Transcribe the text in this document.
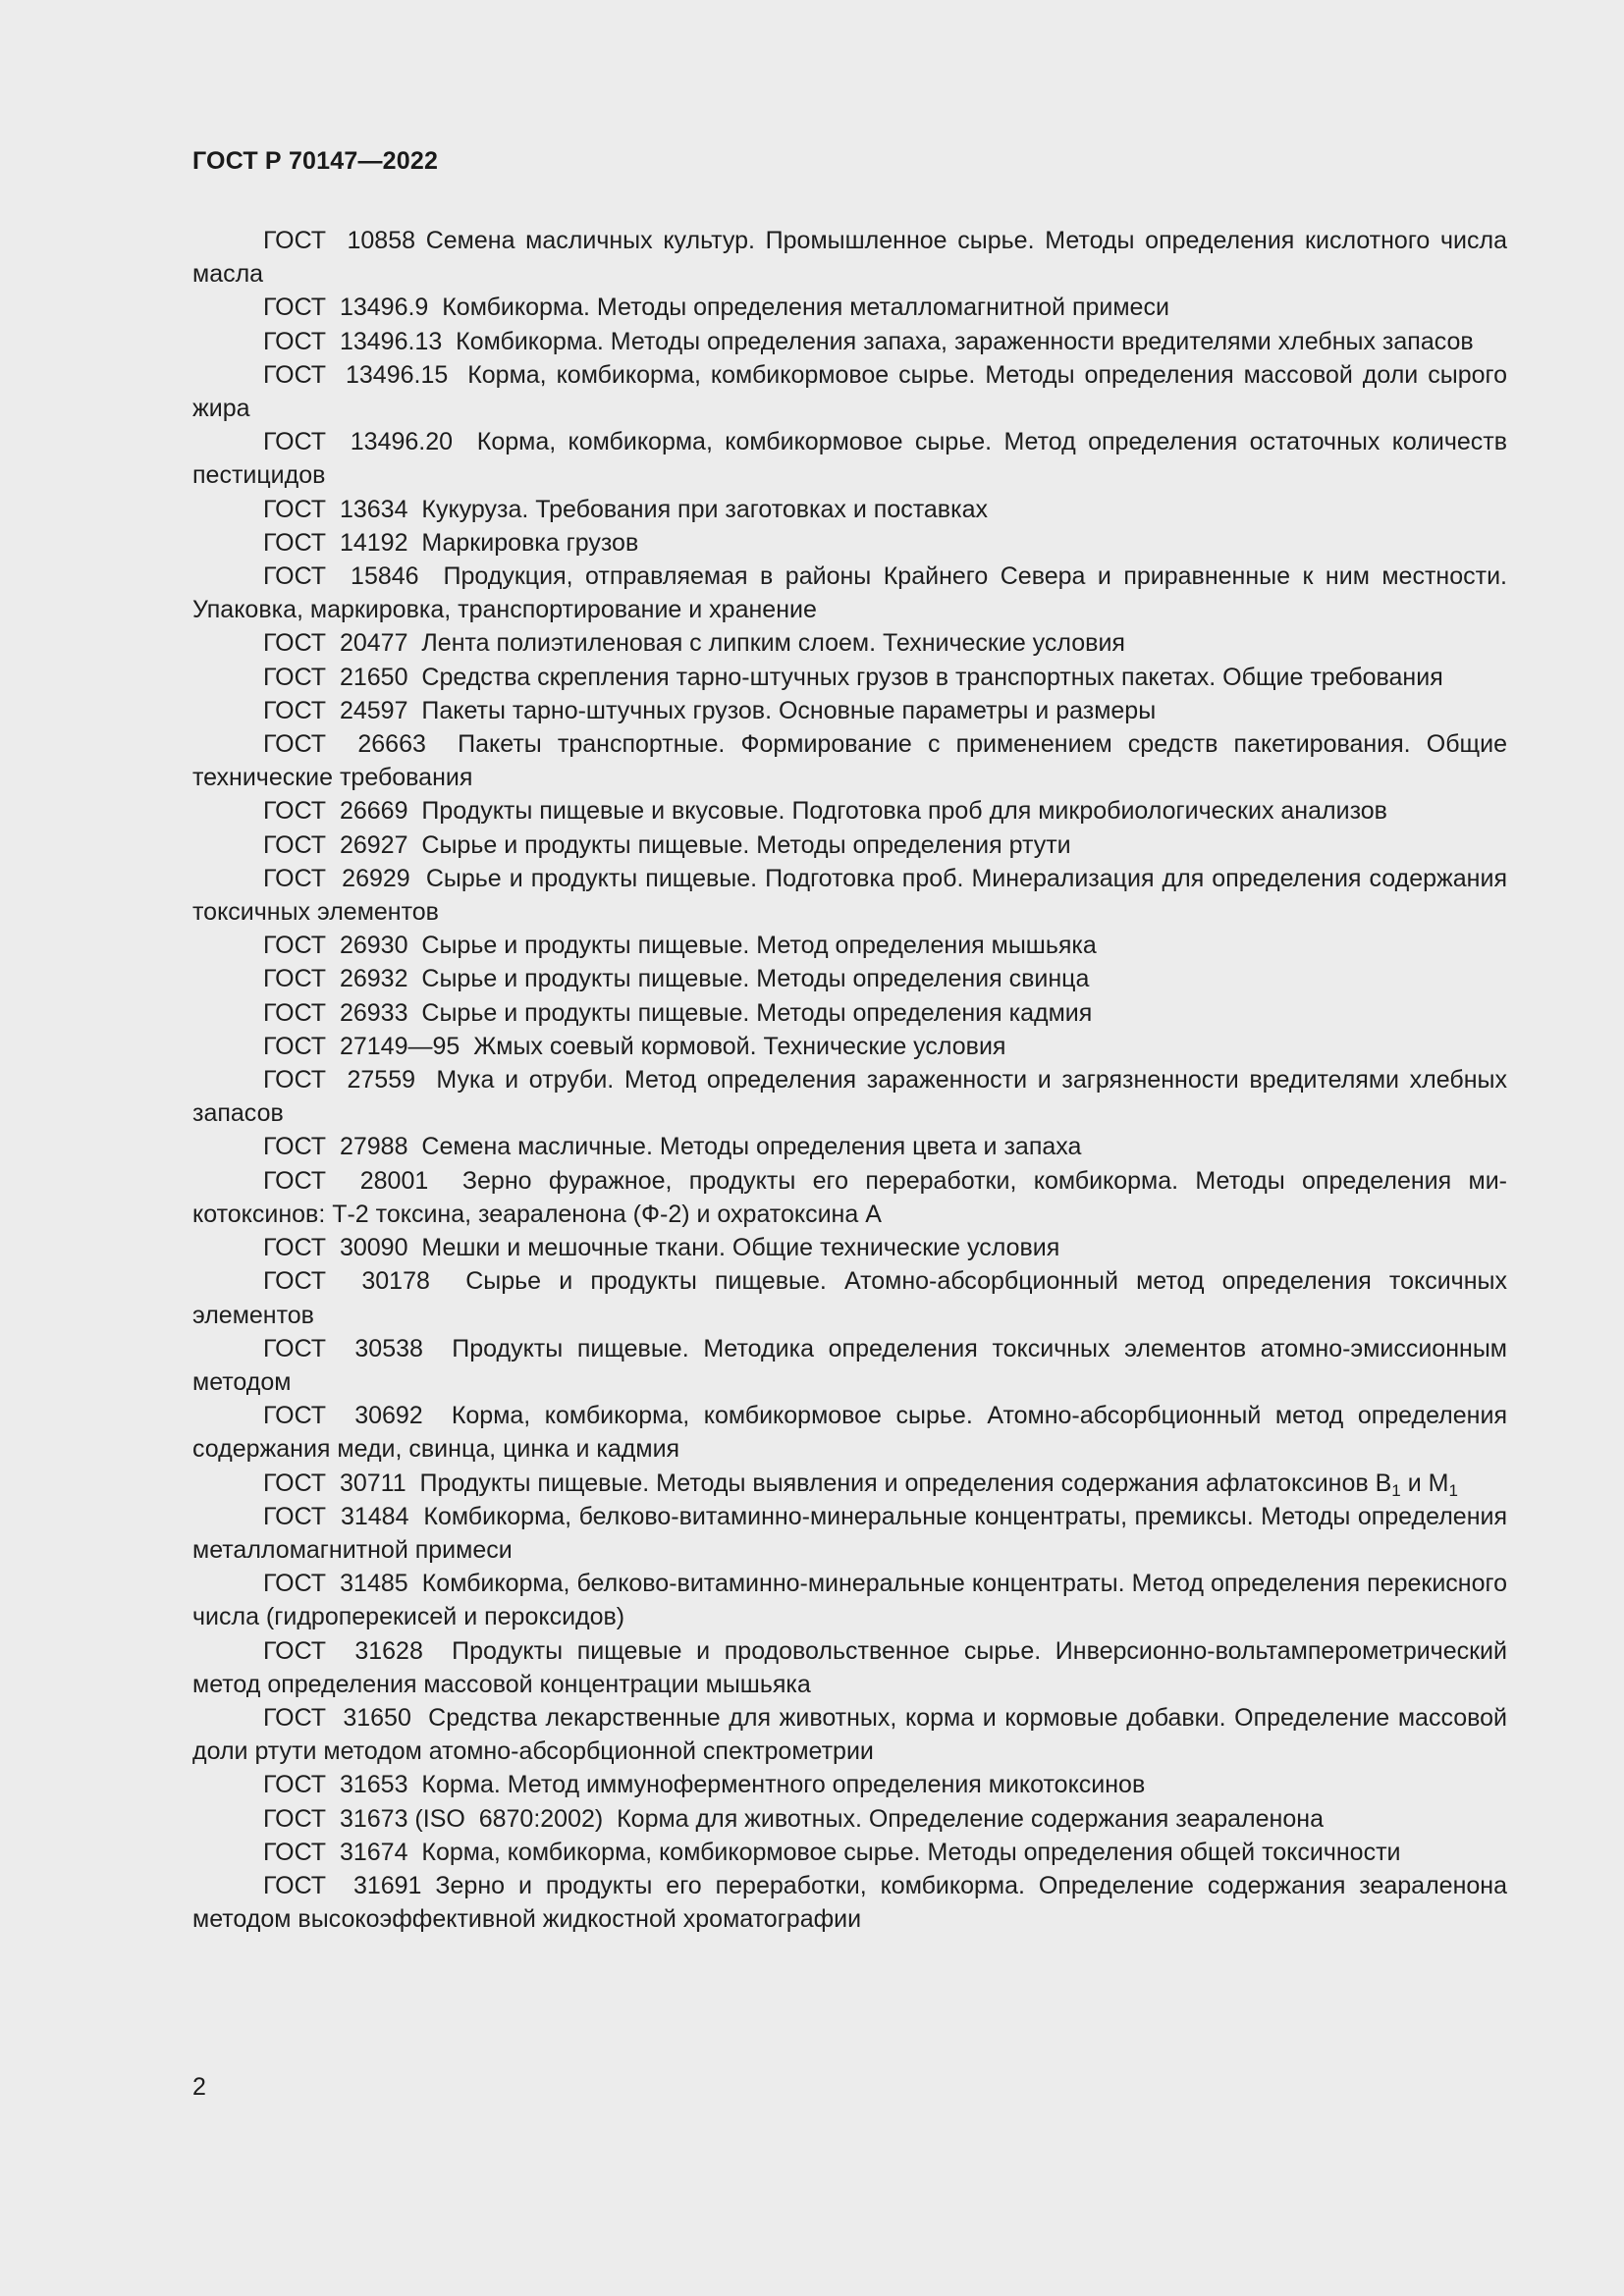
ГОСТ Р 70147—2022

ГОСТ  10858 Семена масличных культур. Промышленное сырье. Методы определения кислотного числа масла

ГОСТ  13496.9  Комбикорма. Методы определения металломагнитной примеси

ГОСТ  13496.13  Комбикорма. Методы определения запаха, зараженности вредителями хлебных запасов

ГОСТ  13496.15  Корма, комбикорма, комбикормовое сырье. Методы определения массовой доли сырого жира

ГОСТ  13496.20  Корма, комбикорма, комбикормовое сырье. Метод определения остаточных количеств пестицидов

ГОСТ  13634  Кукуруза. Требования при заготовках и поставках

ГОСТ  14192  Маркировка грузов

ГОСТ  15846  Продукция, отправляемая в районы Крайнего Севера и приравненные к ним местности. Упаковка, маркировка, транспортирование и хранение

ГОСТ  20477  Лента полиэтиленовая с липким слоем. Технические условия

ГОСТ  21650  Средства скрепления тарно-штучных грузов в транспортных пакетах. Общие требования

ГОСТ  24597  Пакеты тарно-штучных грузов. Основные параметры и размеры

ГОСТ  26663  Пакеты транспортные. Формирование с применением средств пакетирования. Общие технические требования

ГОСТ  26669  Продукты пищевые и вкусовые. Подготовка проб для микробиологических анализов

ГОСТ  26927  Сырье и продукты пищевые. Методы определения ртути

ГОСТ  26929  Сырье и продукты пищевые. Подготовка проб. Минерализация для определения содержания токсичных элементов

ГОСТ  26930  Сырье и продукты пищевые. Метод определения мышьяка

ГОСТ  26932  Сырье и продукты пищевые. Методы определения свинца

ГОСТ  26933  Сырье и продукты пищевые. Методы определения кадмия

ГОСТ  27149—95  Жмых соевый кормовой. Технические условия

ГОСТ  27559  Мука и отруби. Метод определения зараженности и загрязненности вредителями хлебных запасов

ГОСТ  27988  Семена масличные. Методы определения цвета и запаха

ГОСТ  28001  Зерно фуражное, продукты его переработки, комбикорма. Методы определения микотоксинов: Т-2 токсина, зеараленона (Ф-2) и охратоксина А

ГОСТ  30090  Мешки и мешочные ткани. Общие технические условия

ГОСТ  30178  Сырье и продукты пищевые. Атомно-абсорбционный метод определения токсичных элементов

ГОСТ  30538  Продукты пищевые. Методика определения токсичных элементов атомно-эмиссионным методом

ГОСТ  30692  Корма, комбикорма, комбикормовое сырье. Атомно-абсорбционный метод определения содержания меди, свинца, цинка и кадмия

ГОСТ  30711  Продукты пищевые. Методы выявления и определения содержания афлатоксинов $В_1$ и $М_1$

ГОСТ  31484  Комбикорма, белково-витаминно-минеральные концентраты, премиксы. Методы определения металломагнитной примеси

ГОСТ  31485  Комбикорма, белково-витаминно-минеральные концентраты. Метод определения перекисного числа (гидроперекисей и пероксидов)

ГОСТ  31628  Продукты пищевые и продовольственное сырье. Инверсионно-вольтамперометрический метод определения массовой концентрации мышьяка

ГОСТ  31650  Средства лекарственные для животных, корма и кормовые добавки. Определение массовой доли ртути методом атомно-абсорбционной спектрометрии

ГОСТ  31653  Корма. Метод иммуноферментного определения микотоксинов

ГОСТ  31673 (ISO  6870:2002)  Корма для животных. Определение содержания зеараленона

ГОСТ  31674  Корма, комбикорма, комбикормовое сырье. Методы определения общей токсичности

ГОСТ  31691 Зерно и продукты его переработки, комбикорма. Определение содержания зеараленона методом высокоэффективной жидкостной хроматографии

2
